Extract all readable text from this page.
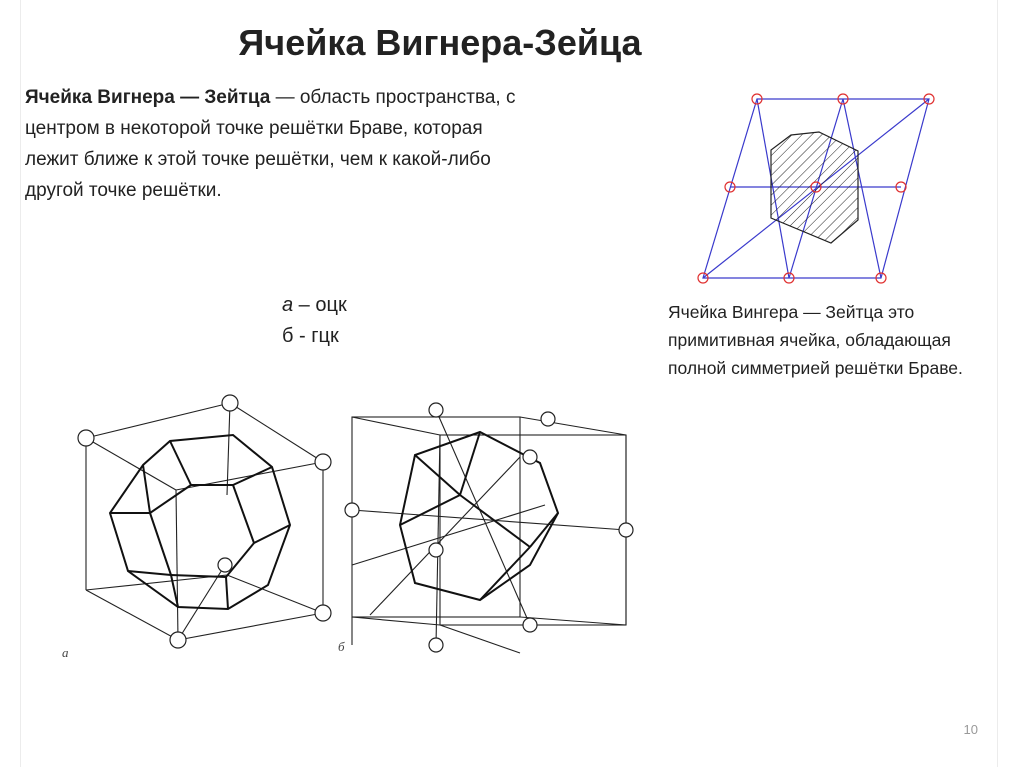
Ячейка Вигнера-Зейца
Ячейка Вигнера — Зейтца — область пространства, с центром в некоторой точке решётки Браве, которая лежит ближе к этой точке решётки, чем к какой-либо другой точке решётки.
а – оцк
б - гцк
Ячейка Вингера — Зейтца это примитивная ячейка, обладающая полной симметрией решётки Браве.
а	б
10
